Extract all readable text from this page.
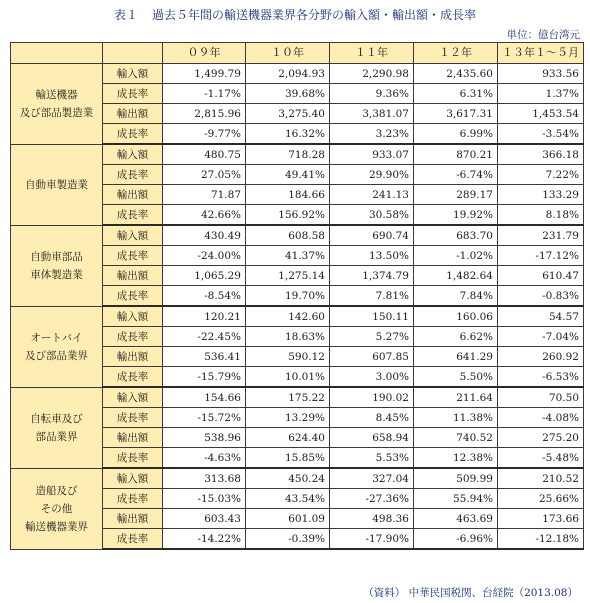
表１ 過去５年間の輸送機器業界各分野の輸入額・輸出額・成長率
単位：億台湾元
		０９年	１０年	１１年	１２年	１３年１～５月

輸送機器
及び部品製造業	輸入額	1,499.79	2,094.93	2,290.98	2,435.60	933.56
	成長率	-1.17%	39.68%	9.36%	6.31%	1.37%
	輸出額	2,815.96	3,275.40	3,381.07	3,617.31	1,453.54
	成長率	-9.77%	16.32%	3.23%	6.99%	-3.54%

自動車製造業	輸入額	480.75	718.28	933.07	870.21	366.18
	成長率	27.05%	49.41%	29.90%	-6.74%	7.22%
	輸出額	71.87	184.66	241.13	289.17	133.29
	成長率	42.66%	156.92%	30.58%	19.92%	8.18%

自動車部品
車体製造業	輸入額	430.49	608.58	690.74	683.70	231.79
	成長率	-24.00%	41.37%	13.50%	-1.02%	-17.12%
	輸出額	1,065.29	1,275.14	1,374.79	1,482.64	610.47
	成長率	-8.54%	19.70%	7.81%	7.84%	-0.83%

オートバイ
及び部品業界	輸入額	120.21	142.60	150.11	160.06	54.57
	成長率	-22.45%	18.63%	5.27%	6.62%	-7.04%
	輸出額	536.41	590.12	607.85	641.29	260.92
	成長率	-15.79%	10.01%	3.00%	5.50%	-6.53%

自転車及び
部品業界	輸入額	154.66	175.22	190.02	211.64	70.50
	成長率	-15.72%	13.29%	8.45%	11.38%	-4.08%
	輸出額	538.96	624.40	658.94	740.52	275.20
	成長率	-4.63%	15.85%	5.53%	12.38%	-5.48%

造船及び
その他
輸送機器業界	輸入額	313.68	450.24	327.04	509.99	210.52
	成長率	-15.03%	43.54%	-27.36%	55.94%	25.66%
	輸出額	603.43	601.09	498.36	463.69	173.66
	成長率	-14.22%	-0.39%	-17.90%	-6.96%	-12.18%
（資料） 中華民国税関、台経院（2013.08）
